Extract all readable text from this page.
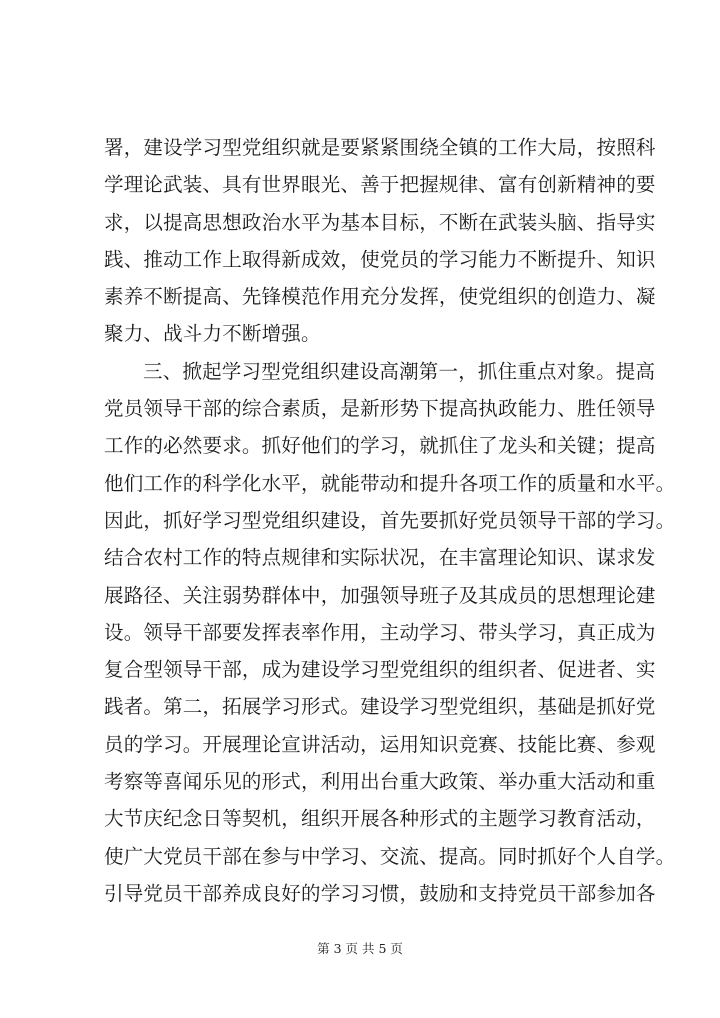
署，建设学习型党组织就是要紧紧围绕全镇的工作大局，按照科
学理论武装、具有世界眼光、善于把握规律、富有创新精神的要
求，以提高思想政治水平为基本目标，不断在武装头脑、指导实
践、推动工作上取得新成效，使党员的学习能力不断提升、知识
素养不断提高、先锋模范作用充分发挥，使党组织的创造力、凝
聚力、战斗力不断增强。
三、掀起学习型党组织建设高潮第一，抓住重点对象。提高
党员领导干部的综合素质，是新形势下提高执政能力、胜任领导
工作的必然要求。抓好他们的学习，就抓住了龙头和关键；提高
他们工作的科学化水平，就能带动和提升各项工作的质量和水平。
因此，抓好学习型党组织建设，首先要抓好党员领导干部的学习。
结合农村工作的特点规律和实际状况，在丰富理论知识、谋求发
展路径、关注弱势群体中，加强领导班子及其成员的思想理论建
设。领导干部要发挥表率作用，主动学习、带头学习，真正成为
复合型领导干部，成为建设学习型党组织的组织者、促进者、实
践者。第二，拓展学习形式。建设学习型党组织，基础是抓好党
员的学习。开展理论宣讲活动，运用知识竞赛、技能比赛、参观
考察等喜闻乐见的形式，利用出台重大政策、举办重大活动和重
大节庆纪念日等契机，组织开展各种形式的主题学习教育活动，
使广大党员干部在参与中学习、交流、提高。同时抓好个人自学。
引导党员干部养成良好的学习习惯，鼓励和支持党员干部参加各
第 3 页 共 5 页
